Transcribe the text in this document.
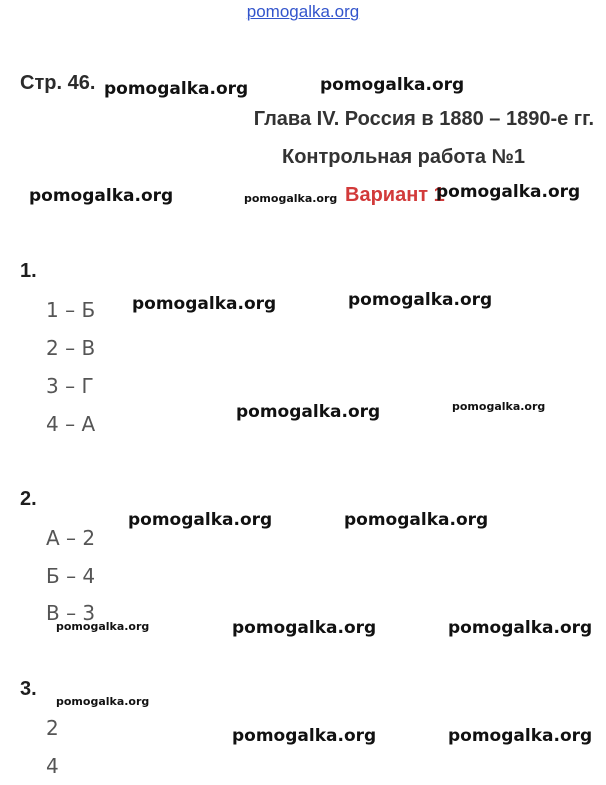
pomogalka.org
Стр. 46.
Глава IV. Россия в 1880 – 1890-е гг.
Контрольная работа №1
Вариант 1
1.
1 – Б
2 – В
3 – Г
4 – А
2.
А – 2
Б – 4
В – 3
3.
2
4
pomogalka.org	pomogalka.org
pomogalka.org	pomogalka.org	pomogalka.org
pomogalka.org	pomogalka.org
pomogalka.org	pomogalka.org
pomogalka.org	pomogalka.org
pomogalka.org	pomogalka.org	pomogalka.org
pomogalka.org
pomogalka.org	pomogalka.org
